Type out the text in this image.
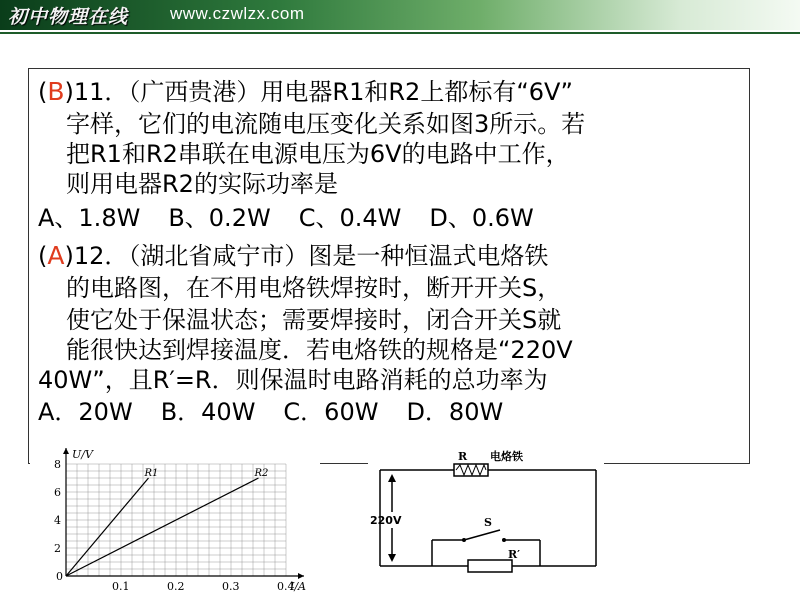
初中物理在线 www.czwlzx.com
(B)11．（广西贵港）用电器R1和R2上都标有“6V”
字样，它们的电流随电压变化关系如图3所示。若
把R1和R2串联在电源电压为6V的电路中工作，
则用电器R2的实际功率是
A、1.8W B、0.2W C、0.4W D、0.6W
(A)12．（湖北省咸宁市）图是一种恒温式电烙铁
的电路图，在不用电烙铁焊按时，断开开关S，
使它处于保温状态；需要焊接时，闭合开关S就
能很快达到焊接温度．若电烙铁的规格是“220V
40W”，且R′=R．则保温时电路消耗的总功率为
A．20W B．40W C．60W D．80W
0.1	0.2	0.3	0.4
2
4
6
8
0
U/V
I/A
R1	R2
R 电烙铁
220V	S
R′
